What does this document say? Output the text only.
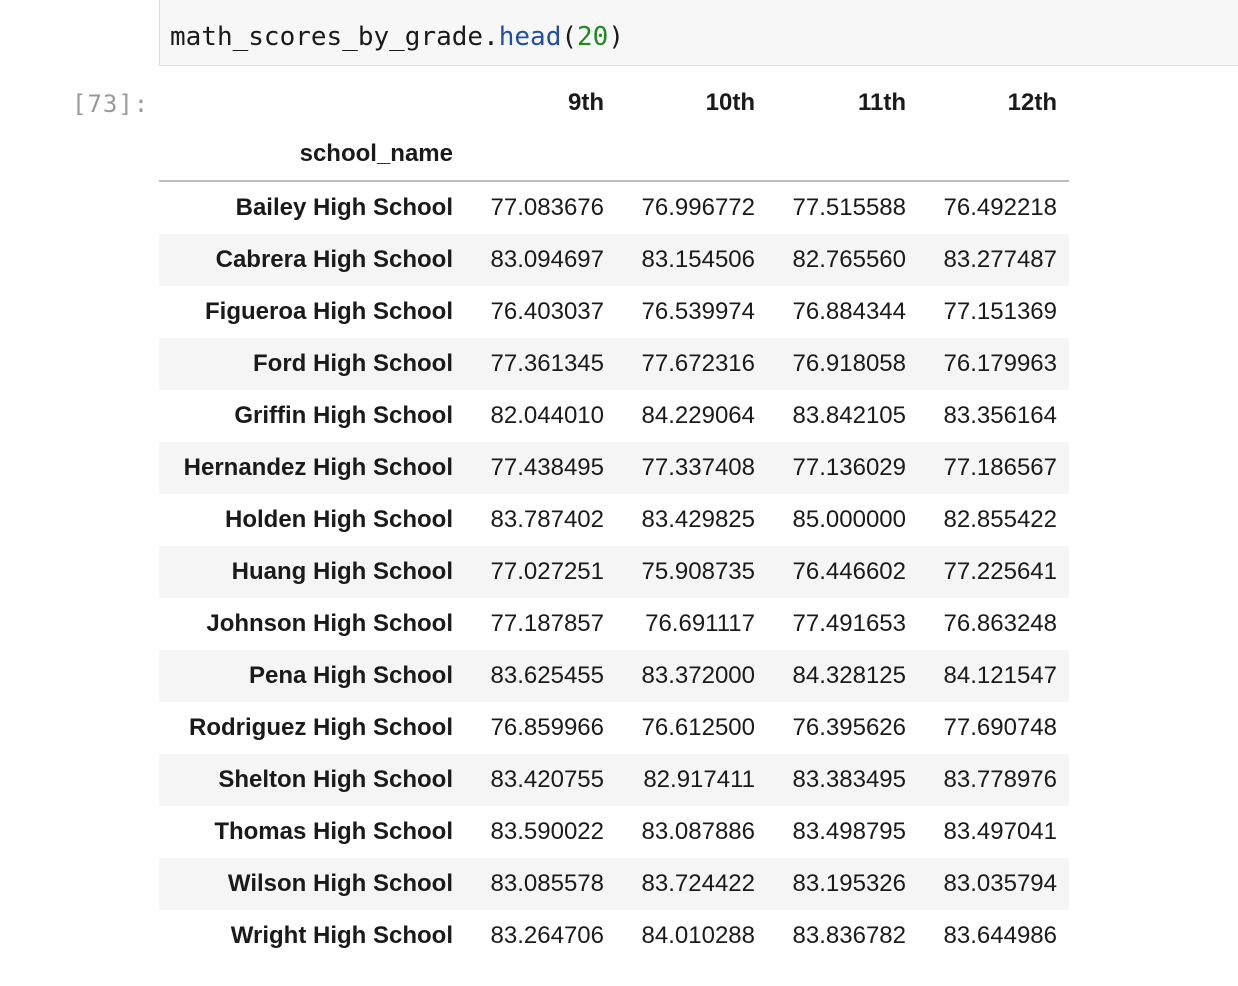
math_scores_by_grade.head(20)
[73]:
		9th	10th	11th	12th
school_name				
Bailey High School	77.083676	76.996772	77.515588	76.492218
Cabrera High School	83.094697	83.154506	82.765560	83.277487
Figueroa High School	76.403037	76.539974	76.884344	77.151369
Ford High School	77.361345	77.672316	76.918058	76.179963
Griffin High School	82.044010	84.229064	83.842105	83.356164
Hernandez High School	77.438495	77.337408	77.136029	77.186567
Holden High School	83.787402	83.429825	85.000000	82.855422
Huang High School	77.027251	75.908735	76.446602	77.225641
Johnson High School	77.187857	76.691117	77.491653	76.863248
Pena High School	83.625455	83.372000	84.328125	84.121547
Rodriguez High School	76.859966	76.612500	76.395626	77.690748
Shelton High School	83.420755	82.917411	83.383495	83.778976
Thomas High School	83.590022	83.087886	83.498795	83.497041
Wilson High School	83.085578	83.724422	83.195326	83.035794
Wright High School	83.264706	84.010288	83.836782	83.644986
